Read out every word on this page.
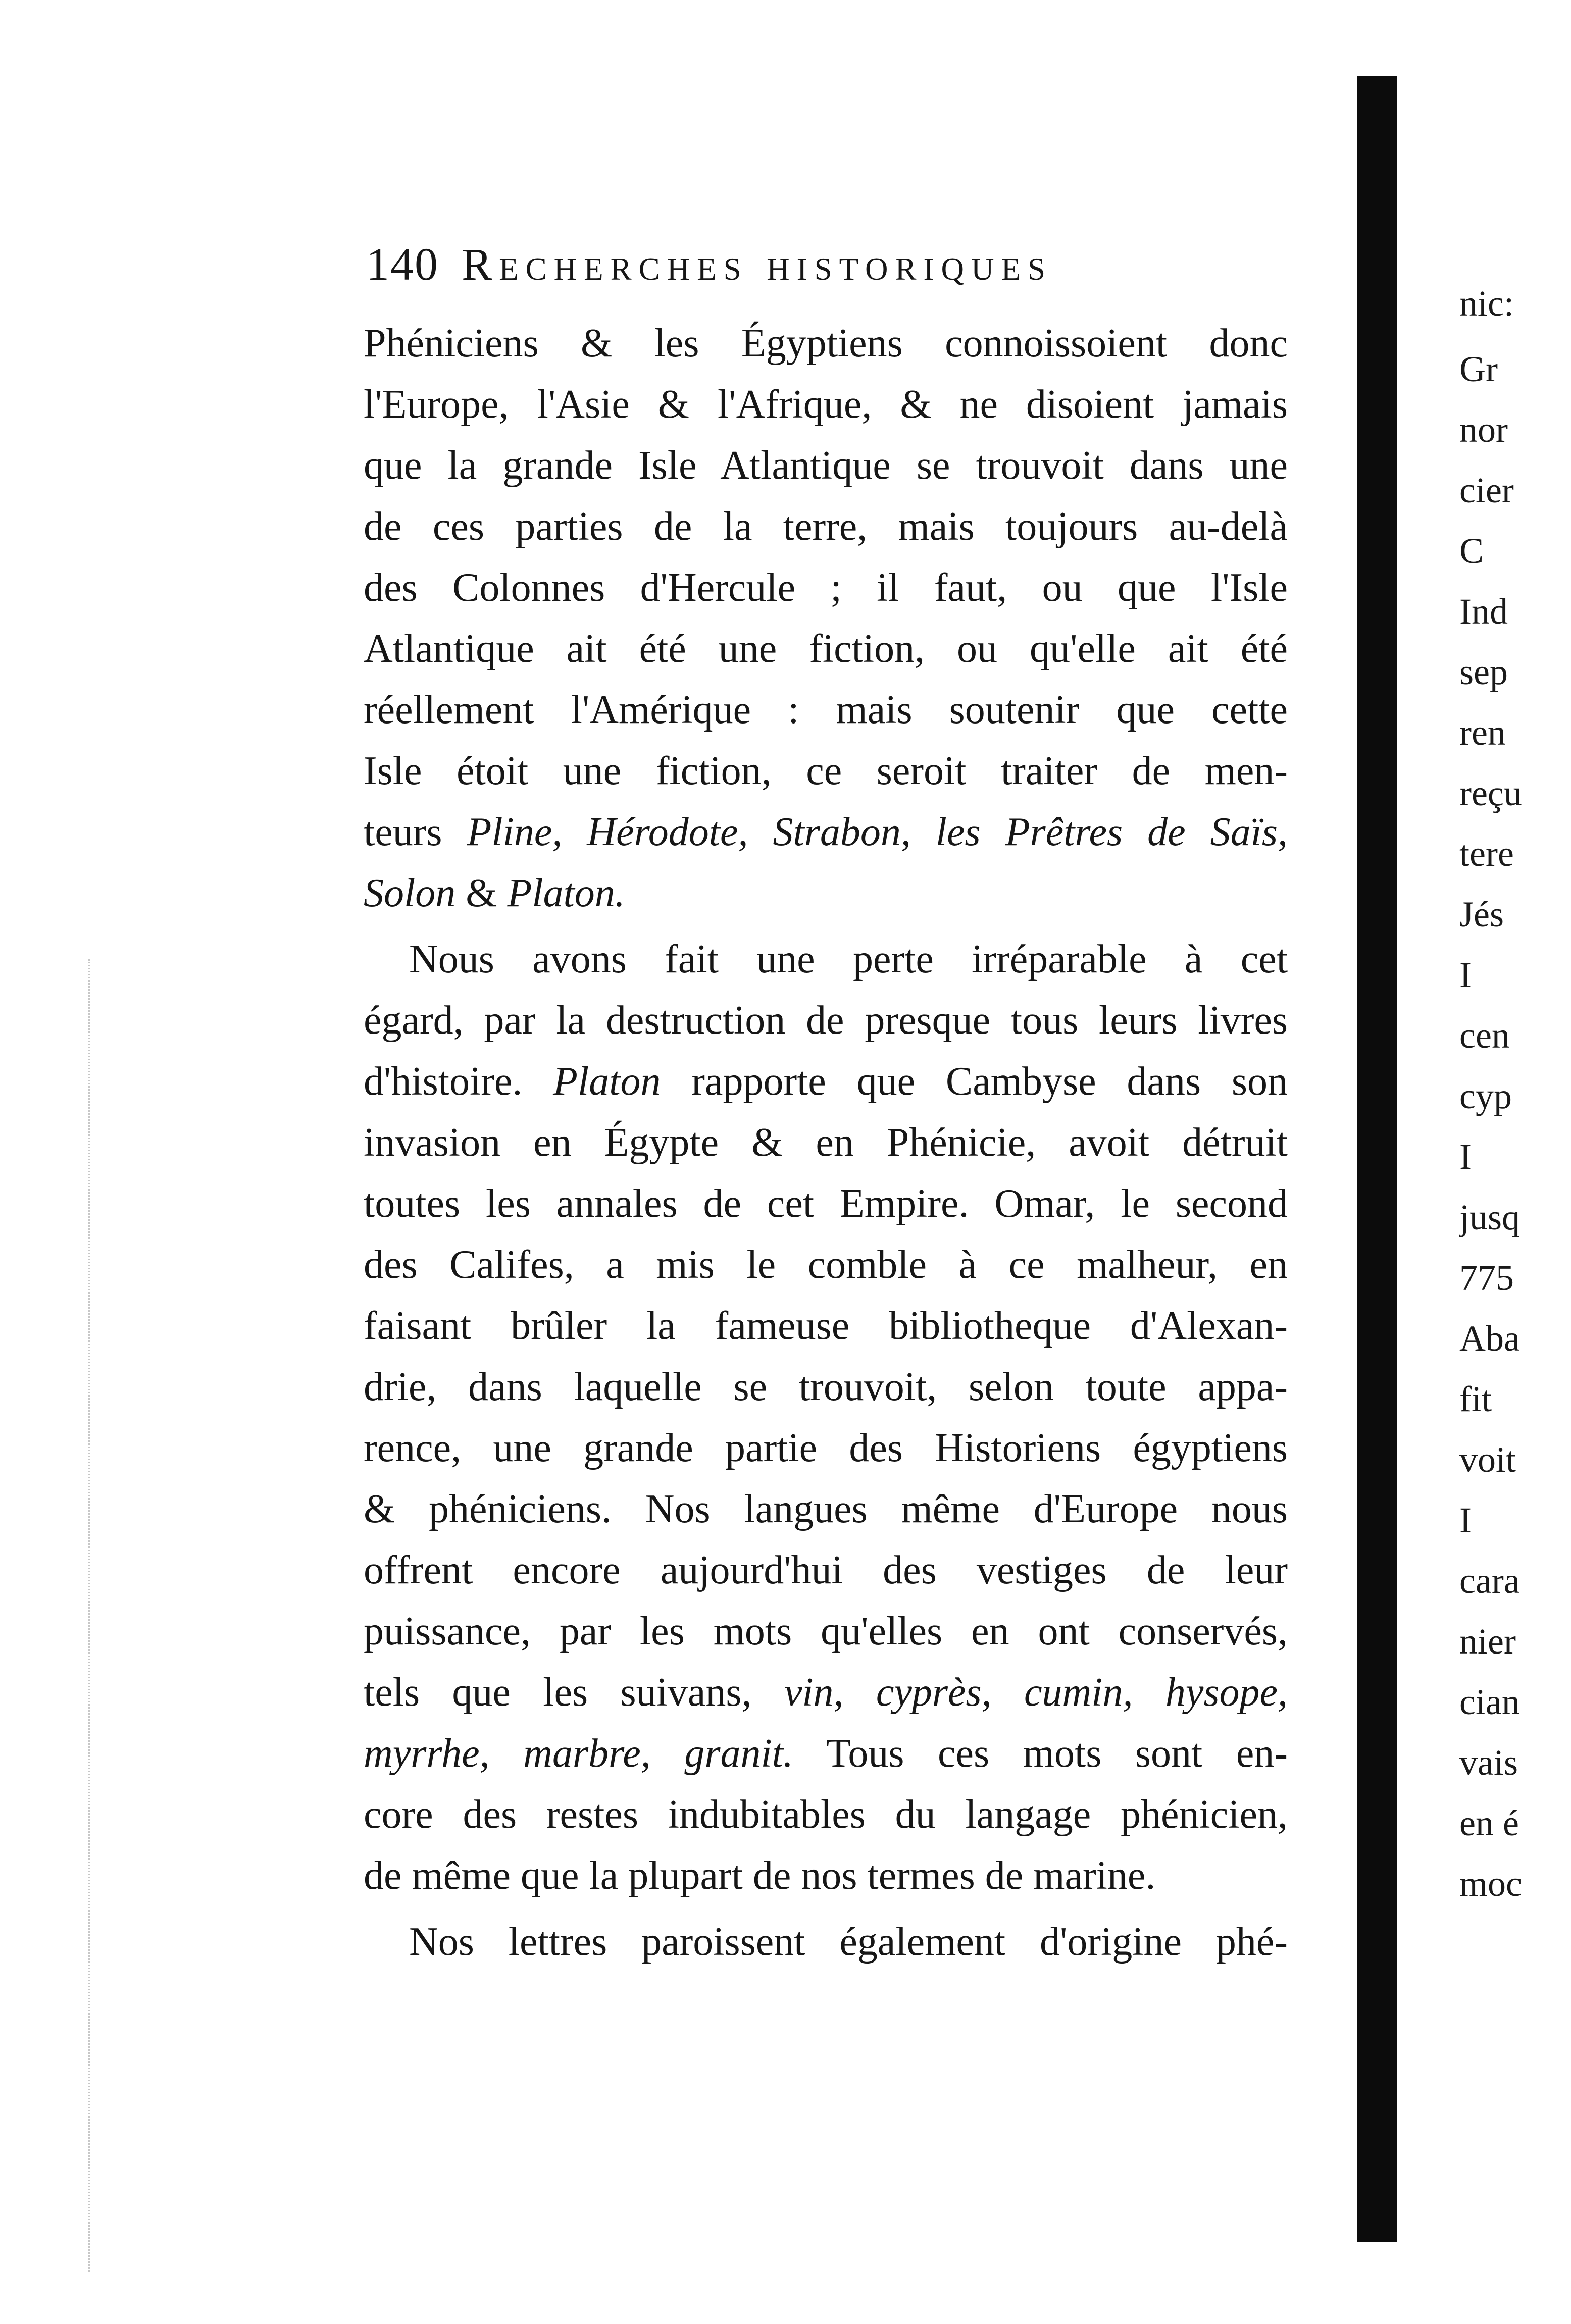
140 Recherches historiques
Phéniciens & les Égyptiens connoissoient donc
l'Europe, l'Asie & l'Afrique, & ne disoient jamais
que la grande Isle Atlantique se trouvoit dans une
de ces parties de la terre, mais toujours au-delà
des Colonnes d'Hercule ; il faut, ou que l'Isle
Atlantique ait été une fiction, ou qu'elle ait été
réellement l'Amérique : mais soutenir que cette
Isle étoit une fiction, ce seroit traiter de men-
teurs Pline, Hérodote, Strabon, les Prêtres de Saïs,
Solon & Platon.
Nous avons fait une perte irréparable à cet
égard, par la destruction de presque tous leurs livres
d'histoire. Platon rapporte que Cambyse dans son
invasion en Égypte & en Phénicie, avoit détruit
toutes les annales de cet Empire. Omar, le second
des Califes, a mis le comble à ce malheur, en
faisant brûler la fameuse bibliotheque d'Alexan-
drie, dans laquelle se trouvoit, selon toute appa-
rence, une grande partie des Historiens égyptiens
& phéniciens. Nos langues même d'Europe nous
offrent encore aujourd'hui des vestiges de leur
puissance, par les mots qu'elles en ont conservés,
tels que les suivans, vin, cyprès, cumin, hysope,
myrrhe, marbre, granit. Tous ces mots sont en-
core des restes indubitables du langage phénicien,
de même que la plupart de nos termes de marine.
Nos lettres paroissent également d'origine phé-
nic:
Gr
nor
cier
C
Ind
sep
ren
reçu
tere
Jés
I
cen
cyp
I
jusq
775
Aba
fit
voit
I
cara
nier
cian
vais
en é
moc
